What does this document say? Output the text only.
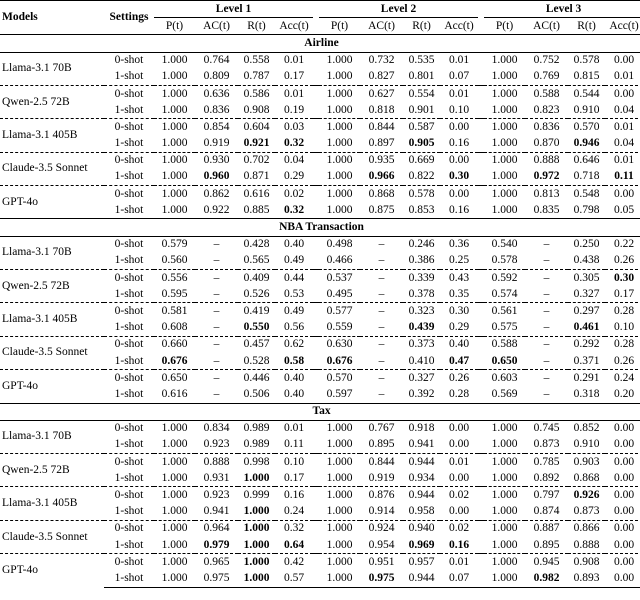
Models	Settings	Level 1					Level 2					Level 3			
		P(t)	AC(t)	R(t)	Acc(t)		P(t)	AC(t)	R(t)	Acc(t)		P(t)	AC(t)	R(t)	Acc(t)
Airline															
Llama-3.1 70B	0-shot	1.000	0.764	0.558	0.01		1.000	0.732	0.535	0.01		1.000	0.752	0.578	0.00
	1-shot	1.000	0.809	0.787	0.17		1.000	0.827	0.801	0.07		1.000	0.769	0.815	0.01
Qwen-2.5 72B	0-shot	1.000	0.636	0.586	0.01		1.000	0.627	0.554	0.01		1.000	0.588	0.544	0.00
	1-shot	1.000	0.836	0.908	0.19		1.000	0.818	0.901	0.10		1.000	0.823	0.910	0.04
Llama-3.1 405B	0-shot	1.000	0.854	0.604	0.03		1.000	0.844	0.587	0.00		1.000	0.836	0.570	0.01
	1-shot	1.000	0.919	0.921	0.32		1.000	0.897	0.905	0.16		1.000	0.870	0.946	0.04
Claude-3.5 Sonnet	0-shot	1.000	0.930	0.702	0.04		1.000	0.935	0.669	0.00		1.000	0.888	0.646	0.01
	1-shot	1.000	0.960	0.871	0.29		1.000	0.966	0.822	0.30		1.000	0.972	0.718	0.11
GPT-4o	0-shot	1.000	0.862	0.616	0.02		1.000	0.868	0.578	0.00		1.000	0.813	0.548	0.00
	1-shot	1.000	0.922	0.885	0.32		1.000	0.875	0.853	0.16		1.000	0.835	0.798	0.05
NBA Transaction															
Llama-3.1 70B	0-shot	0.579	–	0.428	0.40		0.498	–	0.246	0.36		0.540	–	0.250	0.22
	1-shot	0.560	–	0.565	0.49		0.466	–	0.386	0.25		0.578	–	0.438	0.26
Qwen-2.5 72B	0-shot	0.556	–	0.409	0.44		0.537	–	0.339	0.43		0.592	–	0.305	0.30
	1-shot	0.595	–	0.526	0.53		0.495	–	0.378	0.35		0.574	–	0.327	0.17
Llama-3.1 405B	0-shot	0.581	–	0.419	0.49		0.577	–	0.323	0.30		0.561	–	0.297	0.28
	1-shot	0.608	–	0.550	0.56		0.559	–	0.439	0.29		0.575	–	0.461	0.10
Claude-3.5 Sonnet	0-shot	0.660	–	0.457	0.62		0.630	–	0.373	0.40		0.588	–	0.292	0.28
	1-shot	0.676	–	0.528	0.58		0.676	–	0.410	0.47		0.650	–	0.371	0.26
GPT-4o	0-shot	0.650	–	0.446	0.40		0.570	–	0.327	0.26		0.603	–	0.291	0.24
	1-shot	0.616	–	0.506	0.40		0.597	–	0.392	0.28		0.569	–	0.318	0.20
Tax															
Llama-3.1 70B	0-shot	1.000	0.834	0.989	0.01		1.000	0.767	0.918	0.00		1.000	0.745	0.852	0.00
	1-shot	1.000	0.923	0.989	0.11		1.000	0.895	0.941	0.00		1.000	0.873	0.910	0.00
Qwen-2.5 72B	0-shot	1.000	0.888	0.998	0.10		1.000	0.844	0.944	0.01		1.000	0.785	0.903	0.00
	1-shot	1.000	0.931	1.000	0.17		1.000	0.919	0.934	0.00		1.000	0.892	0.868	0.00
Llama-3.1 405B	0-shot	1.000	0.923	0.999	0.16		1.000	0.876	0.944	0.02		1.000	0.797	0.926	0.00
	1-shot	1.000	0.941	1.000	0.24		1.000	0.914	0.958	0.00		1.000	0.874	0.873	0.00
Claude-3.5 Sonnet	0-shot	1.000	0.964	1.000	0.32		1.000	0.924	0.940	0.02		1.000	0.887	0.866	0.00
	1-shot	1.000	0.979	1.000	0.64		1.000	0.954	0.969	0.16		1.000	0.895	0.888	0.00
GPT-4o	0-shot	1.000	0.965	1.000	0.42		1.000	0.951	0.957	0.01		1.000	0.945	0.908	0.00
	1-shot	1.000	0.975	1.000	0.57		1.000	0.975	0.944	0.07		1.000	0.982	0.893	0.00
